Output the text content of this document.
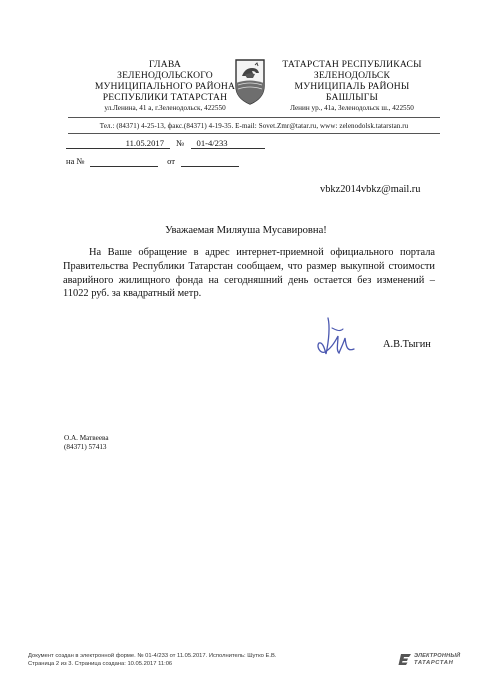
ГЛАВА
ЗЕЛЕНОДОЛЬСКОГО
МУНИЦИПАЛЬНОГО РАЙОНА
РЕСПУБЛИКИ ТАТАРСТАН
ул.Ленина, 41 а, г.Зеленодольск, 422550
ТАТАРСТАН РЕСПУБЛИКАСЫ
ЗЕЛЕНОДОЛЬСК
МУНИЦИПАЛЬ РАЙОНЫ
БАШЛЫГЫ
Ленин ур., 41а, Зеленодольск ш., 422550
Тел.: (84371) 4-25-13, факс.(84371) 4-19-35. E-mail: Sovet.Zmr@tatar.ru, www: zelenodolsk.tatarstan.ru
11.05.2017 № 01-4/233
на №	от
vbkz2014vbkz@mail.ru
Уважаемая Миляуша Мусавировна!
На Ваше обращение в адрес интернет-приемной официального портала Правительства Республики Татарстан сообщаем, что размер выкупной стоимости аварийного жилищного фонда на сегодняшний день остается без изменений – 11022 руб. за квадратный метр.
А.В.Тыгин
О.А. Матвеева
(84371) 57413
Документ создан в электронной форме. № 01-4/233 от 11.05.2017. Исполнитель: Шутко Е.В.
Страница 2 из 3. Страница создана: 10.05.2017 11:06
ЭЛЕКТРОННЫЙ
ТАТАРСТАН
